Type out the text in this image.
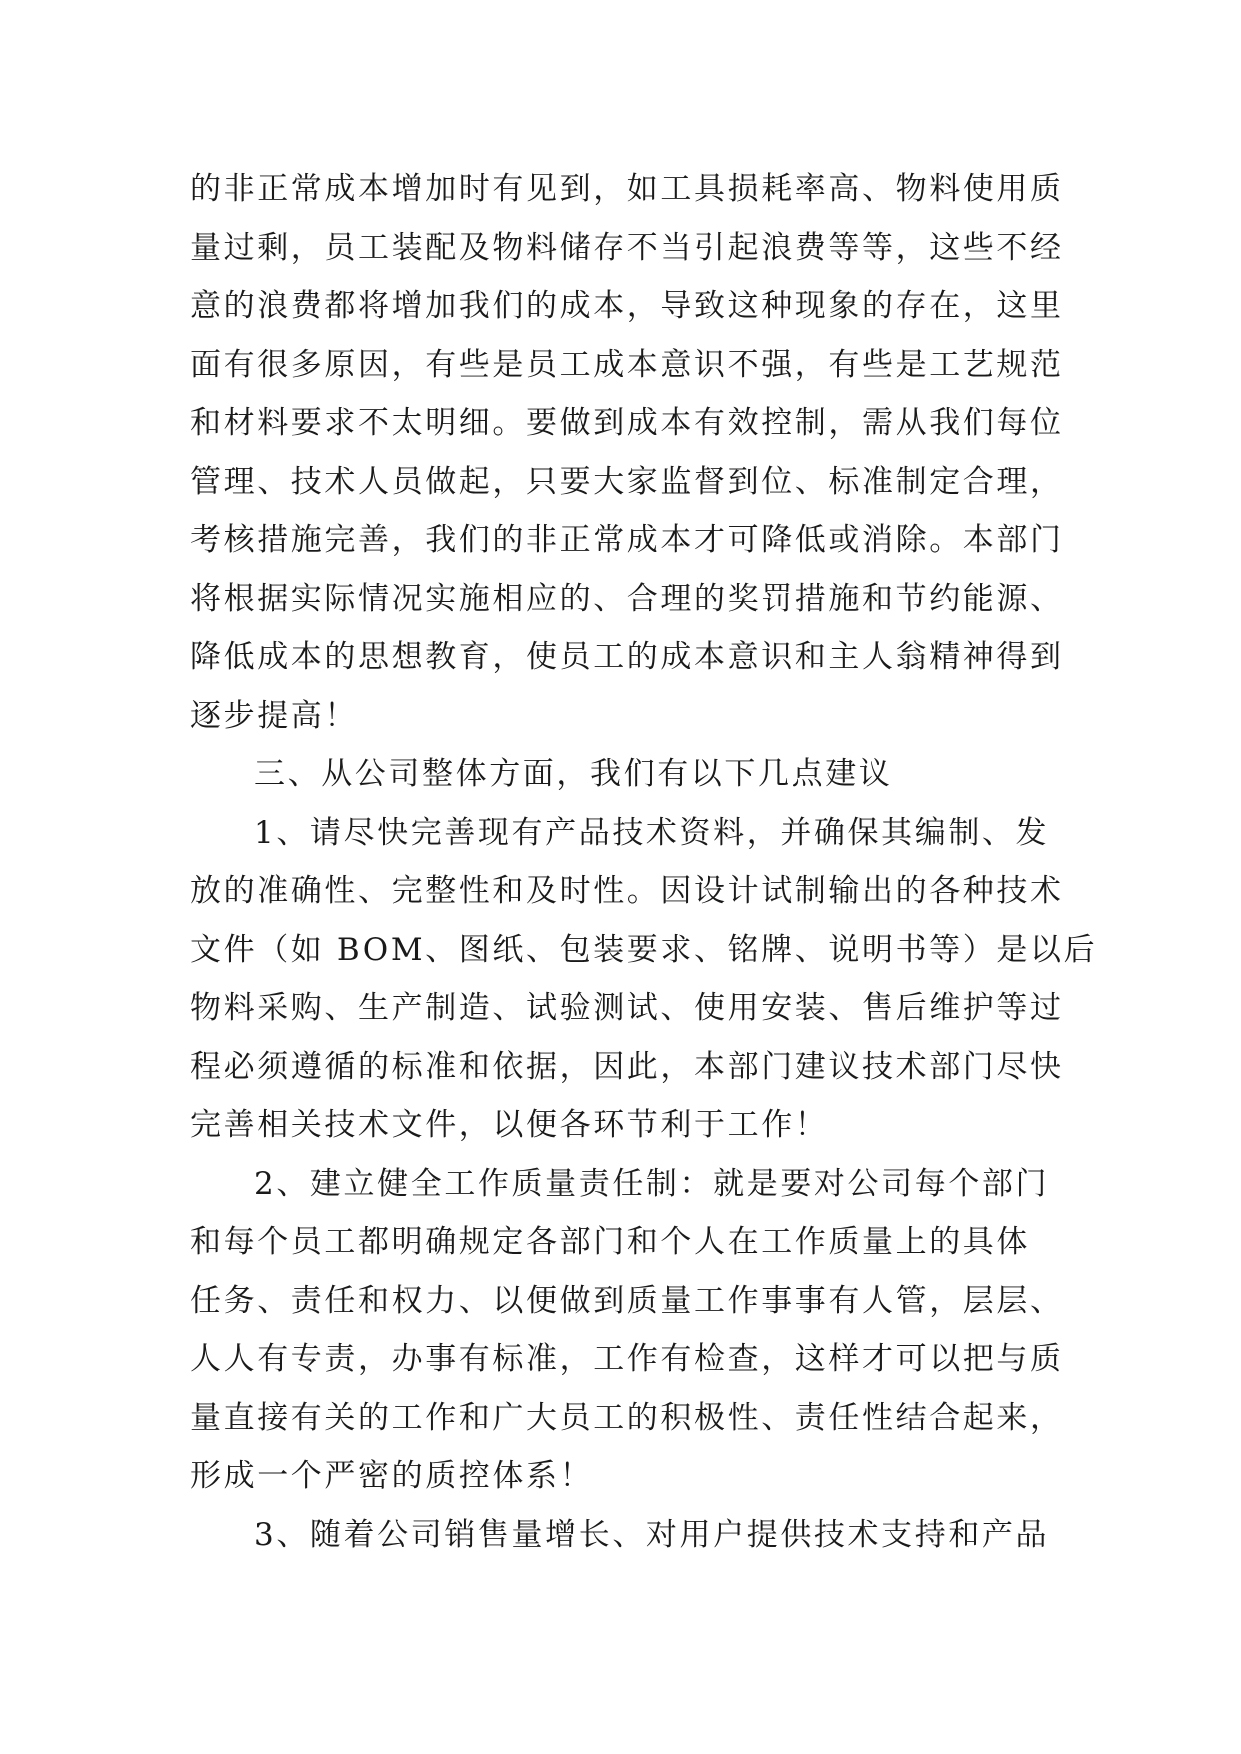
的非正常成本增加时有见到，如工具损耗率高、物料使用质
量过剩，员工装配及物料储存不当引起浪费等等，这些不经
意的浪费都将增加我们的成本，导致这种现象的存在，这里
面有很多原因，有些是员工成本意识不强，有些是工艺规范
和材料要求不太明细。要做到成本有效控制，需从我们每位
管理、技术人员做起，只要大家监督到位、标准制定合理，
考核措施完善，我们的非正常成本才可降低或消除。本部门
将根据实际情况实施相应的、合理的奖罚措施和节约能源、
降低成本的思想教育，使员工的成本意识和主人翁精神得到
逐步提高！
三、从公司整体方面，我们有以下几点建议
1、请尽快完善现有产品技术资料，并确保其编制、发
放的准确性、完整性和及时性。因设计试制输出的各种技术
文件（如 BOM、图纸、包装要求、铭牌、说明书等）是以后
物料采购、生产制造、试验测试、使用安装、售后维护等过
程必须遵循的标准和依据，因此，本部门建议技术部门尽快
完善相关技术文件，以便各环节利于工作！
2、建立健全工作质量责任制：就是要对公司每个部门
和每个员工都明确规定各部门和个人在工作质量上的具体
任务、责任和权力、以便做到质量工作事事有人管，层层、
人人有专责，办事有标准，工作有检查，这样才可以把与质
量直接有关的工作和广大员工的积极性、责任性结合起来，
形成一个严密的质控体系！
3、随着公司销售量增长、对用户提供技术支持和产品
